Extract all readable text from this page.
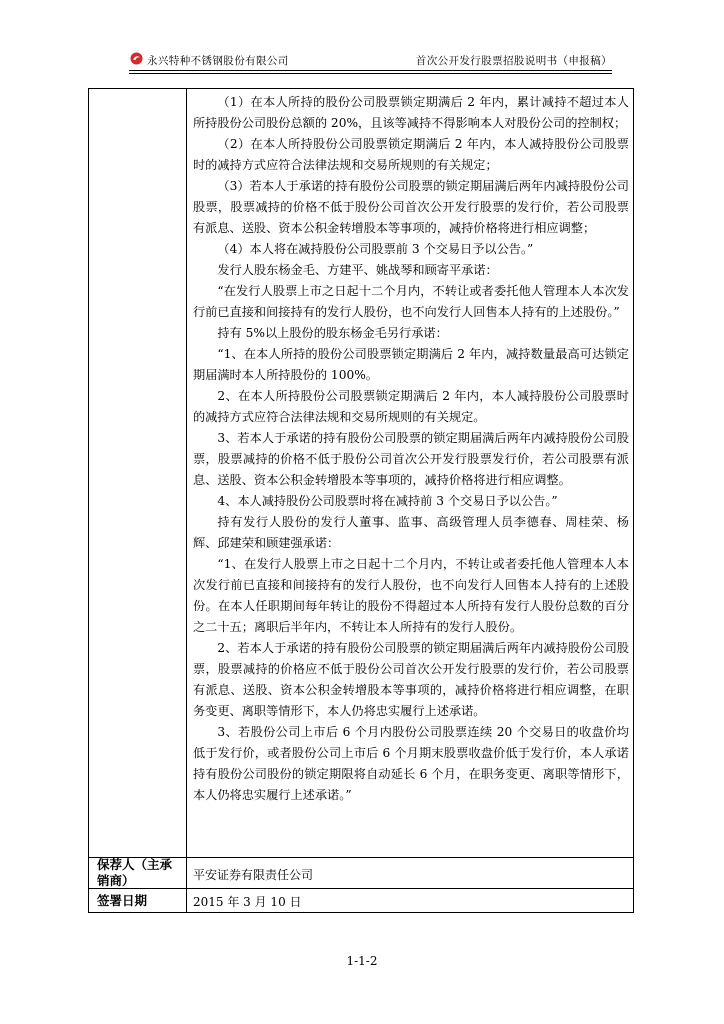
永兴特种不锈钢股份有限公司	首次公开发行股票招股说明书（申报稿）

（1）在本人所持的股份公司股票锁定期满后 2 年内，累计减持不超过本人所持股份公司股份总额的 20%，且该等减持不得影响本人对股份公司的控制权；

（2）在本人所持股份公司股票锁定期满后 2 年内，本人减持股份公司股票时的减持方式应符合法律法规和交易所规则的有关规定；

（3）若本人于承诺的持有股份公司股票的锁定期届满后两年内减持股份公司股票，股票减持的价格不低于股份公司首次公开发行股票的发行价，若公司股票有派息、送股、资本公积金转增股本等事项的，减持价格将进行相应调整；

（4）本人将在减持股份公司股票前 3 个交易日予以公告。”

发行人股东杨金毛、方建平、姚战琴和顾寄平承诺：

“在发行人股票上市之日起十二个月内，不转让或者委托他人管理本人本次发行前已直接和间接持有的发行人股份，也不向发行人回售本人持有的上述股份。”

持有 5%以上股份的股东杨金毛另行承诺：

“1、在本人所持的股份公司股票锁定期满后 2 年内，减持数量最高可达锁定期届满时本人所持股份的 100%。

2、在本人所持股份公司股票锁定期满后 2 年内，本人减持股份公司股票时的减持方式应符合法律法规和交易所规则的有关规定。

3、若本人于承诺的持有股份公司股票的锁定期届满后两年内减持股份公司股票，股票减持的价格不低于股份公司首次公开发行股票发行价，若公司股票有派息、送股、资本公积金转增股本等事项的，减持价格将进行相应调整。

4、本人减持股份公司股票时将在减持前 3 个交易日予以公告。”

持有发行人股份的发行人董事、监事、高级管理人员李德春、周桂荣、杨辉、邱建荣和顾建强承诺：

“1、在发行人股票上市之日起十二个月内，不转让或者委托他人管理本人本次发行前已直接和间接持有的发行人股份，也不向发行人回售本人持有的上述股份。在本人任职期间每年转让的股份不得超过本人所持有发行人股份总数的百分之二十五；离职后半年内，不转让本人所持有的发行人股份。

2、若本人于承诺的持有股份公司股票的锁定期届满后两年内减持股份公司股票，股票减持的价格应不低于股份公司首次公开发行股票的发行价，若公司股票有派息、送股、资本公积金转增股本等事项的，减持价格将进行相应调整，在职务变更、离职等情形下，本人仍将忠实履行上述承诺。

3、若股份公司上市后 6 个月内股份公司股票连续 20 个交易日的收盘价均低于发行价，或者股份公司上市后 6 个月期末股票收盘价低于发行价，本人承诺持有股份公司股份的锁定期限将自动延长 6 个月，在职务变更、离职等情形下，本人仍将忠实履行上述承诺。”

保荐人（主承销商）	平安证券有限责任公司
签署日期	2015 年 3 月 10 日
1-1-2
